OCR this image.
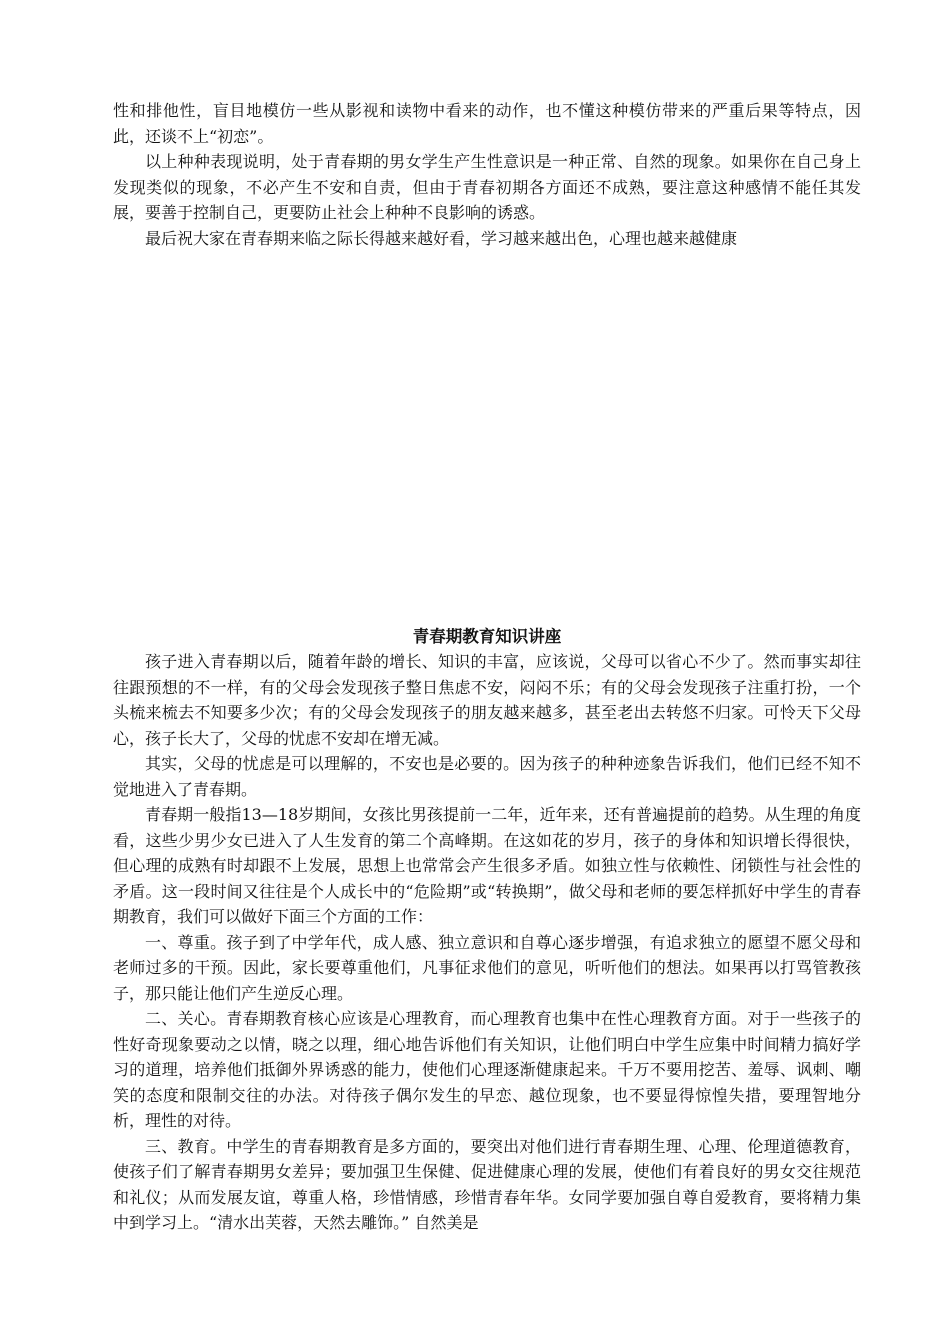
性和排他性，盲目地模仿一些从影视和读物中看来的动作，也不懂这种模仿带来的严重后果等特点，因此，还谈不上“初恋”。

以上种种表现说明，处于青春期的男女学生产生性意识是一种正常、自然的现象。如果你在自己身上发现类似的现象，不必产生不安和自责，但由于青春初期各方面还不成熟，要注意这种感情不能任其发展，要善于控制自己，更要防止社会上种种不良影响的诱惑。

最后祝大家在青春期来临之际长得越来越好看，学习越来越出色，心理也越来越健康

青春期教育知识讲座

孩子进入青春期以后，随着年龄的增长、知识的丰富，应该说，父母可以省心不少了。然而事实却往往跟预想的不一样，有的父母会发现孩子整日焦虑不安，闷闷不乐；有的父母会发现孩子注重打扮，一个头梳来梳去不知要多少次；有的父母会发现孩子的朋友越来越多，甚至老出去转悠不归家。可怜天下父母心，孩子长大了，父母的忧虑不安却在增无减。

其实，父母的忧虑是可以理解的，不安也是必要的。因为孩子的种种迹象告诉我们，他们已经不知不觉地进入了青春期。

青春期一般指13—18岁期间，女孩比男孩提前一二年，近年来，还有普遍提前的趋势。从生理的角度看，这些少男少女已进入了人生发育的第二个高峰期。在这如花的岁月，孩子的身体和知识增长得很快，但心理的成熟有时却跟不上发展，思想上也常常会产生很多矛盾。如独立性与依赖性、闭锁性与社会性的矛盾。这一段时间又往往是个人成长中的“危险期”或“转换期”，做父母和老师的要怎样抓好中学生的青春期教育，我们可以做好下面三个方面的工作：

一、尊重。孩子到了中学年代，成人感、独立意识和自尊心逐步增强，有追求独立的愿望不愿父母和老师过多的干预。因此，家长要尊重他们，凡事征求他们的意见，听听他们的想法。如果再以打骂管教孩子，那只能让他们产生逆反心理。

二、关心。青春期教育核心应该是心理教育，而心理教育也集中在性心理教育方面。对于一些孩子的性好奇现象要动之以情，晓之以理，细心地告诉他们有关知识，让他们明白中学生应集中时间精力搞好学习的道理，培养他们抵御外界诱惑的能力，使他们心理逐渐健康起来。千万不要用挖苦、羞辱、讽刺、嘲笑的态度和限制交往的办法。对待孩子偶尔发生的早恋、越位现象，也不要显得惊惶失措，要理智地分析，理性的对待。

三、教育。中学生的青春期教育是多方面的，要突出对他们进行青春期生理、心理、伦理道德教育，使孩子们了解青春期男女差异；要加强卫生保健、促进健康心理的发展，使他们有着良好的男女交往规范和礼仪；从而发展友谊，尊重人格，珍惜情感，珍惜青春年华。女同学要加强自尊自爱教育，要将精力集中到学习上。“清水出芙蓉，天然去雕饰。” 自然美是
